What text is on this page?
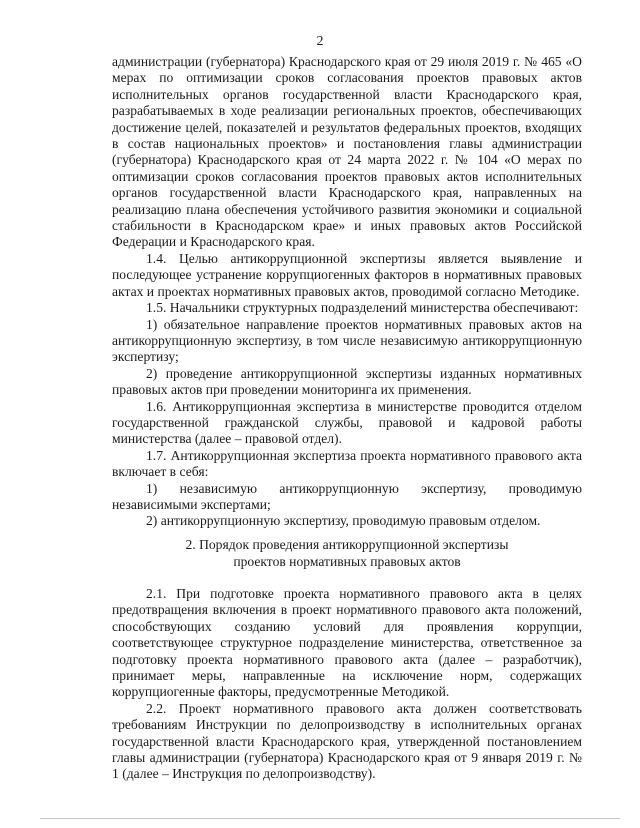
2

администрации (губернатора) Краснодарского края от 29 июля 2019 г. № 465 «О мерах по оптимизации сроков согласования проектов правовых актов исполнительных органов государственной власти Краснодарского края, разрабатываемых в ходе реализации региональных проектов, обеспечивающих достижение целей, показателей и результатов федеральных проектов, входящих в состав национальных проектов» и постановления главы администрации (губернатора) Краснодарского края от 24 марта 2022 г. № 104 «О мерах по оптимизации сроков согласования проектов правовых актов исполнительных органов государственной власти Краснодарского края, направленных на реализацию плана обеспечения устойчивого развития экономики и социальной стабильности в Краснодарском крае» и иных правовых актов Российской Федерации и Краснодарского края.

1.4. Целью антикоррупционной экспертизы является выявление и последующее устранение коррупциогенных факторов в нормативных правовых актах и проектах нормативных правовых актов, проводимой согласно Методике.

1.5. Начальники структурных подразделений министерства обеспечивают:

1) обязательное направление проектов нормативных правовых актов на антикоррупционную экспертизу, в том числе независимую антикоррупционную экспертизу;

2) проведение антикоррупционной экспертизы изданных нормативных правовых актов при проведении мониторинга их применения.

1.6. Антикоррупционная экспертиза в министерстве проводится отделом государственной гражданской службы, правовой и кадровой работы министерства (далее – правовой отдел).

1.7. Антикоррупционная экспертиза проекта нормативного правового акта включает в себя:

1) независимую антикоррупционную экспертизу, проводимую независимыми экспертами;

2) антикоррупционную экспертизу, проводимую правовым отделом.

2. Порядок проведения антикоррупционной экспертизы
проектов нормативных правовых актов

2.1. При подготовке проекта нормативного правового акта в целях предотвращения включения в проект нормативного правового акта положений, способствующих созданию условий для проявления коррупции, соответствующее структурное подразделение министерства, ответственное за подготовку проекта нормативного правового акта (далее – разработчик), принимает меры, направленные на исключение норм, содержащих коррупциогенные факторы, предусмотренные Методикой.

2.2. Проект нормативного правового акта должен соответствовать требованиям Инструкции по делопроизводству в исполнительных органах государственной власти Краснодарского края, утвержденной постановлением главы администрации (губернатора) Краснодарского края от 9 января 2019 г. № 1 (далее – Инструкция по делопроизводству).
